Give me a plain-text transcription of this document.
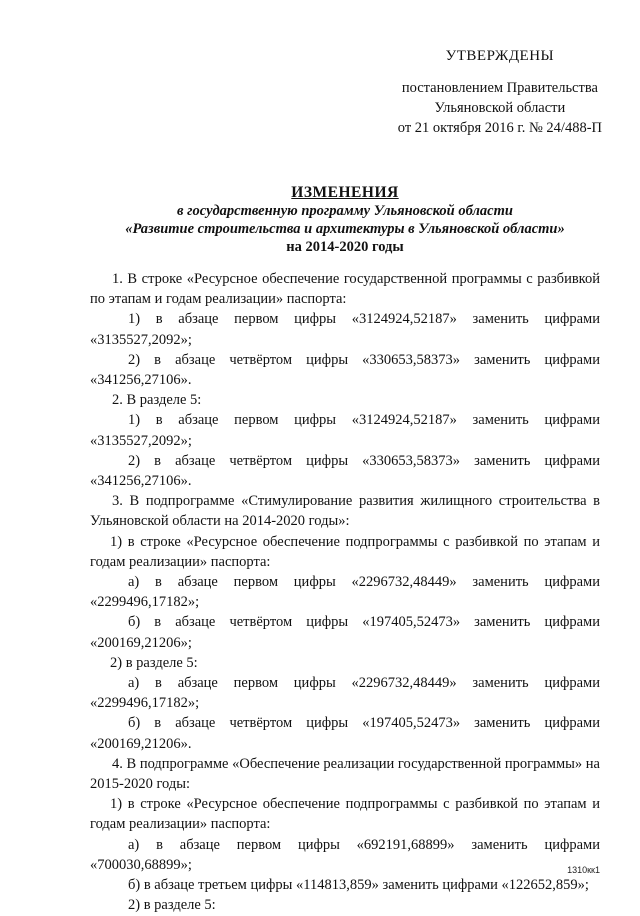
УТВЕРЖДЕНЫ
постановлением Правительства
Ульяновской области
от 21 октября 2016 г. № 24/488-П
ИЗМЕНЕНИЯ
в государственную программу Ульяновской области
«Развитие строительства и архитектуры в Ульяновской области»
на 2014-2020 годы

1. В строке «Ресурсное обеспечение государственной программы с разбивкой по этапам и годам реализации» паспорта:

1) в абзаце первом цифры «3124924,52187» заменить цифрами «3135527,2092»;

2) в абзаце четвёртом цифры «330653,58373» заменить цифрами «341256,27106».

2. В разделе 5:

1) в абзаце первом цифры «3124924,52187» заменить цифрами «3135527,2092»;

2) в абзаце четвёртом цифры «330653,58373» заменить цифрами «341256,27106».

3. В подпрограмме «Стимулирование развития жилищного строительства в Ульяновской области на 2014-2020 годы»:

1) в строке «Ресурсное обеспечение подпрограммы с разбивкой по этапам и годам реализации» паспорта:

а) в абзаце первом цифры «2296732,48449» заменить цифрами «2299496,17182»;

б) в абзаце четвёртом цифры «197405,52473» заменить цифрами «200169,21206»;

2) в разделе 5:

а) в абзаце первом цифры «2296732,48449» заменить цифрами «2299496,17182»;

б) в абзаце четвёртом цифры «197405,52473» заменить цифрами «200169,21206».

4. В подпрограмме «Обеспечение реализации государственной программы» на 2015-2020 годы:

1) в строке «Ресурсное обеспечение подпрограммы с разбивкой по этапам и годам реализации» паспорта:

а) в абзаце первом цифры «692191,68899» заменить цифрами «700030,68899»;

б) в абзаце третьем цифры «114813,859» заменить цифрами «122652,859»;

2) в разделе 5:

1310кк1
